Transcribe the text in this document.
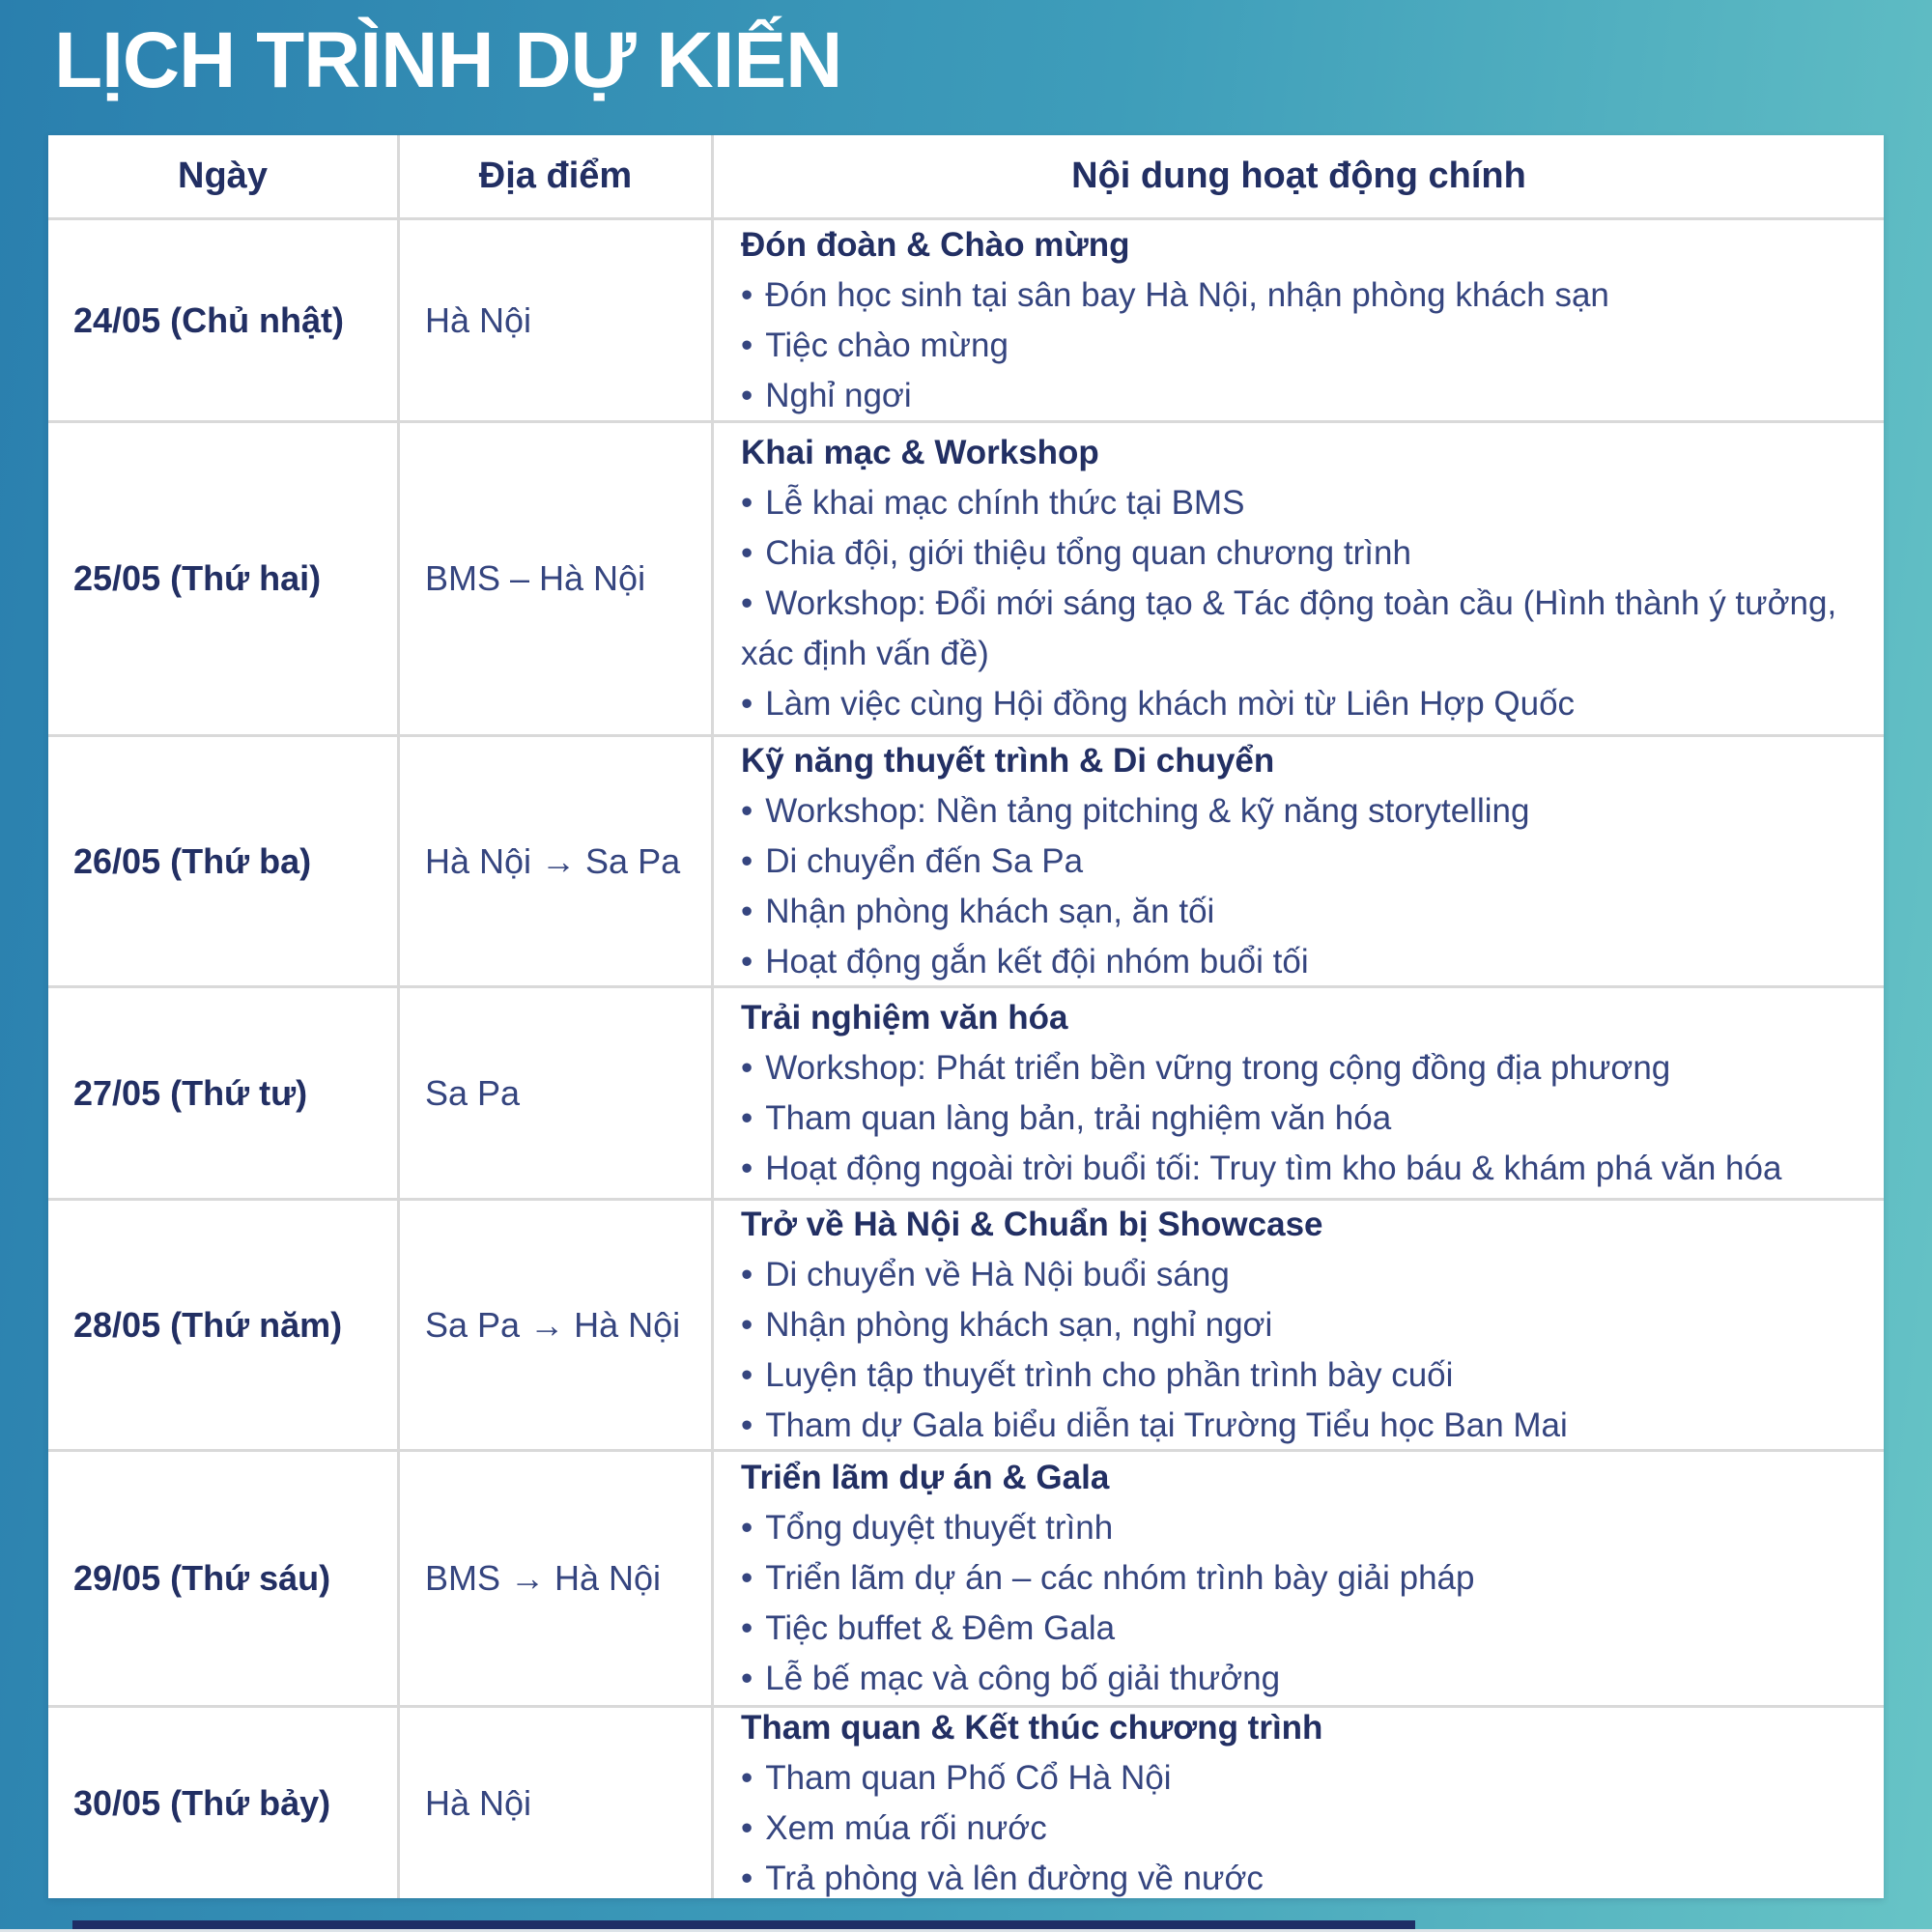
LỊCH TRÌNH DỰ KIẾN
Ngày	Địa điểm	Nội dung hoạt động chính
24/05 (Chủ nhật)	Hà Nội
Đón đoàn & Chào mừng
• Đón học sinh tại sân bay Hà Nội, nhận phòng khách sạn
• Tiệc chào mừng
• Nghỉ ngơi
25/05 (Thứ hai)	BMS – Hà Nội
Khai mạc & Workshop
• Lễ khai mạc chính thức tại BMS
• Chia đội, giới thiệu tổng quan chương trình
• Workshop: Đổi mới sáng tạo & Tác động toàn cầu (Hình thành ý tưởng, xác định vấn đề)
• Làm việc cùng Hội đồng khách mời từ Liên Hợp Quốc
26/05 (Thứ ba)	Hà Nội → Sa Pa
Kỹ năng thuyết trình & Di chuyển
• Workshop: Nền tảng pitching & kỹ năng storytelling
• Di chuyển đến Sa Pa
• Nhận phòng khách sạn, ăn tối
• Hoạt động gắn kết đội nhóm buổi tối
27/05 (Thứ tư)	Sa Pa
Trải nghiệm văn hóa
• Workshop: Phát triển bền vững trong cộng đồng địa phương
• Tham quan làng bản, trải nghiệm văn hóa
• Hoạt động ngoài trời buổi tối: Truy tìm kho báu & khám phá văn hóa
28/05 (Thứ năm)	Sa Pa → Hà Nội
Trở về Hà Nội & Chuẩn bị Showcase
• Di chuyển về Hà Nội buổi sáng
• Nhận phòng khách sạn, nghỉ ngơi
• Luyện tập thuyết trình cho phần trình bày cuối
• Tham dự Gala biểu diễn tại Trường Tiểu học Ban Mai
29/05 (Thứ sáu)	BMS → Hà Nội
Triển lãm dự án & Gala
• Tổng duyệt thuyết trình
• Triển lãm dự án – các nhóm trình bày giải pháp
• Tiệc buffet & Đêm Gala
• Lễ bế mạc và công bố giải thưởng
30/05 (Thứ bảy)	Hà Nội
Tham quan & Kết thúc chương trình
• Tham quan Phố Cổ Hà Nội
• Xem múa rối nước
• Trả phòng và lên đường về nước
